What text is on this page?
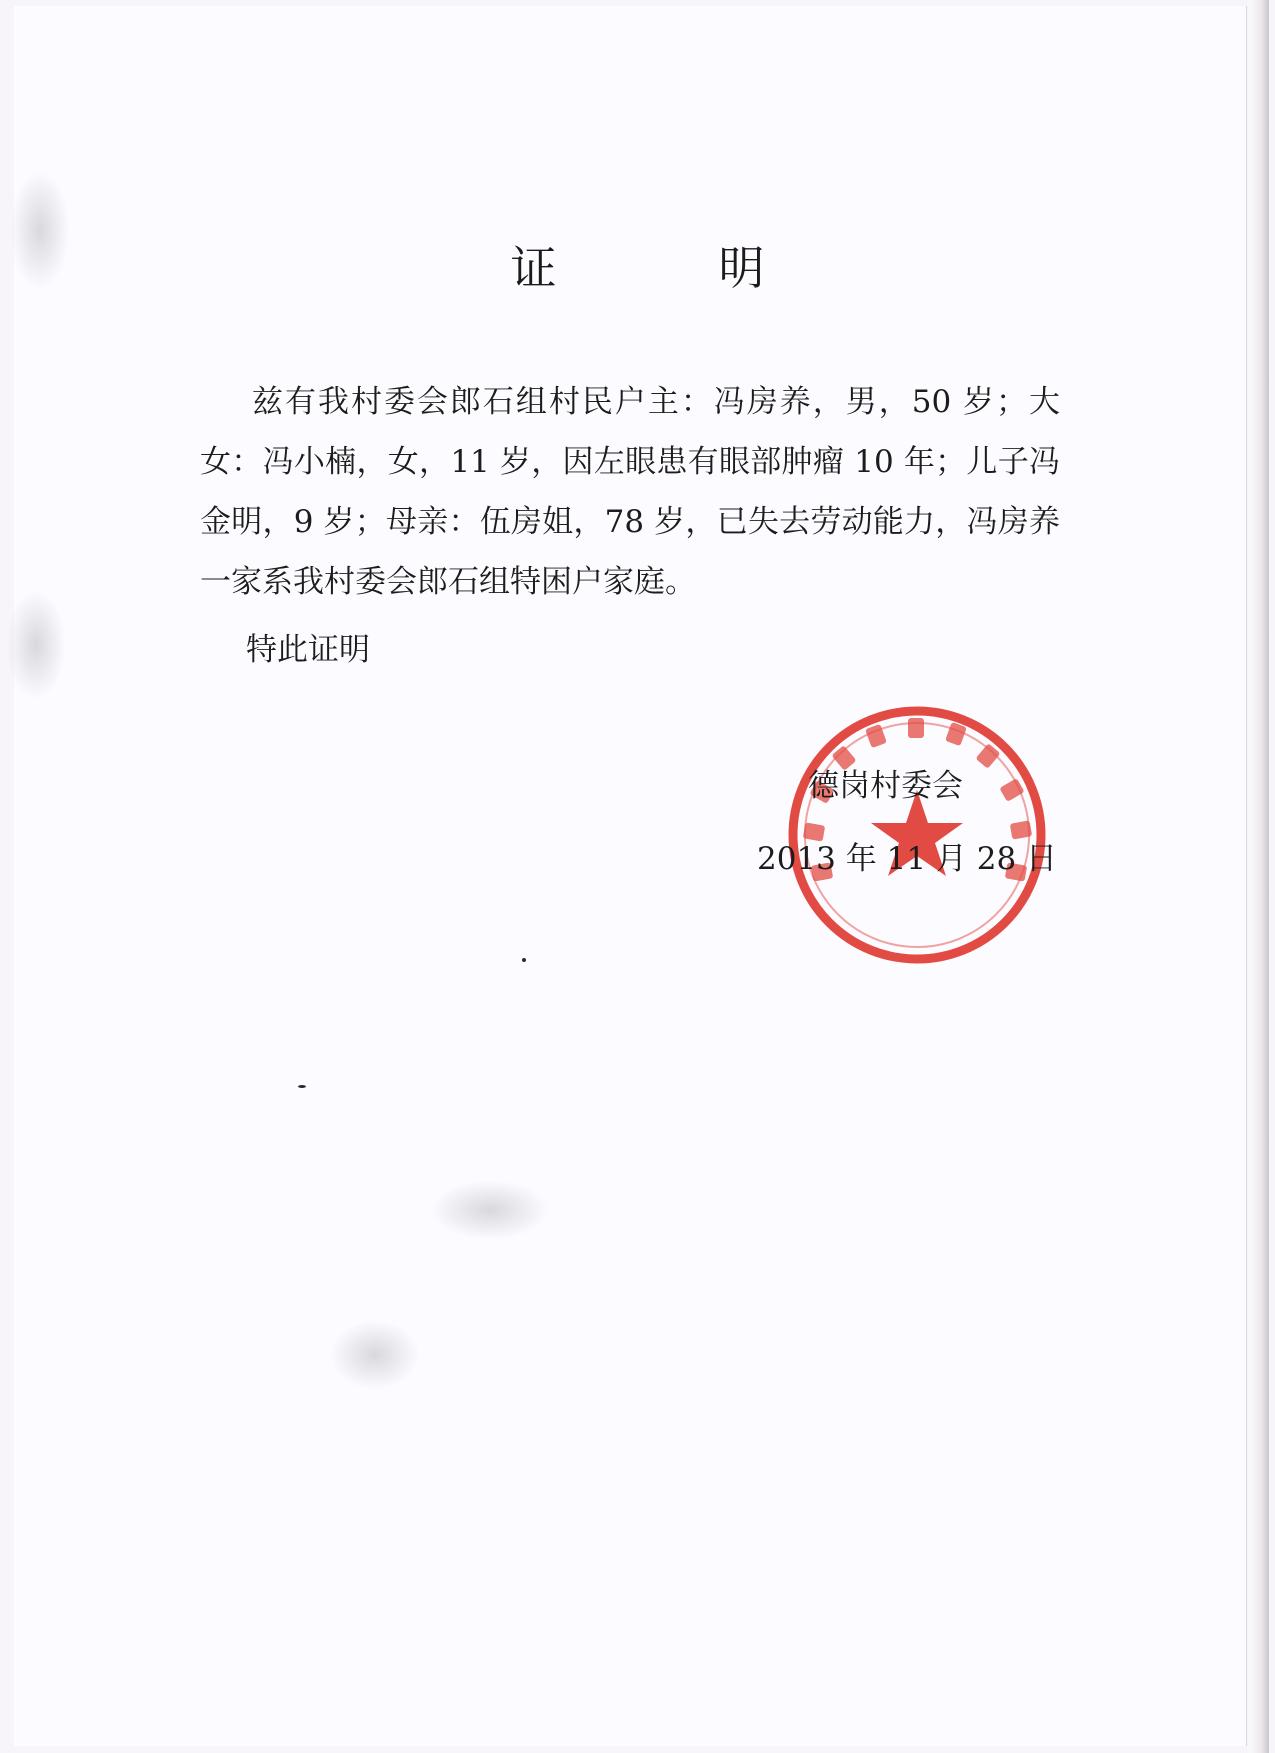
证　明

兹有我村委会郎石组村民户主：冯房养，男，50 岁；大女：冯小楠，女，11 岁，因左眼患有眼部肿瘤 10 年；儿子冯金明，9 岁；母亲：伍房姐，78 岁，已失去劳动能力，冯房养一家系我村委会郎石组特困户家庭。

特此证明
德岗村委会
2013 年 11 月 28 日
